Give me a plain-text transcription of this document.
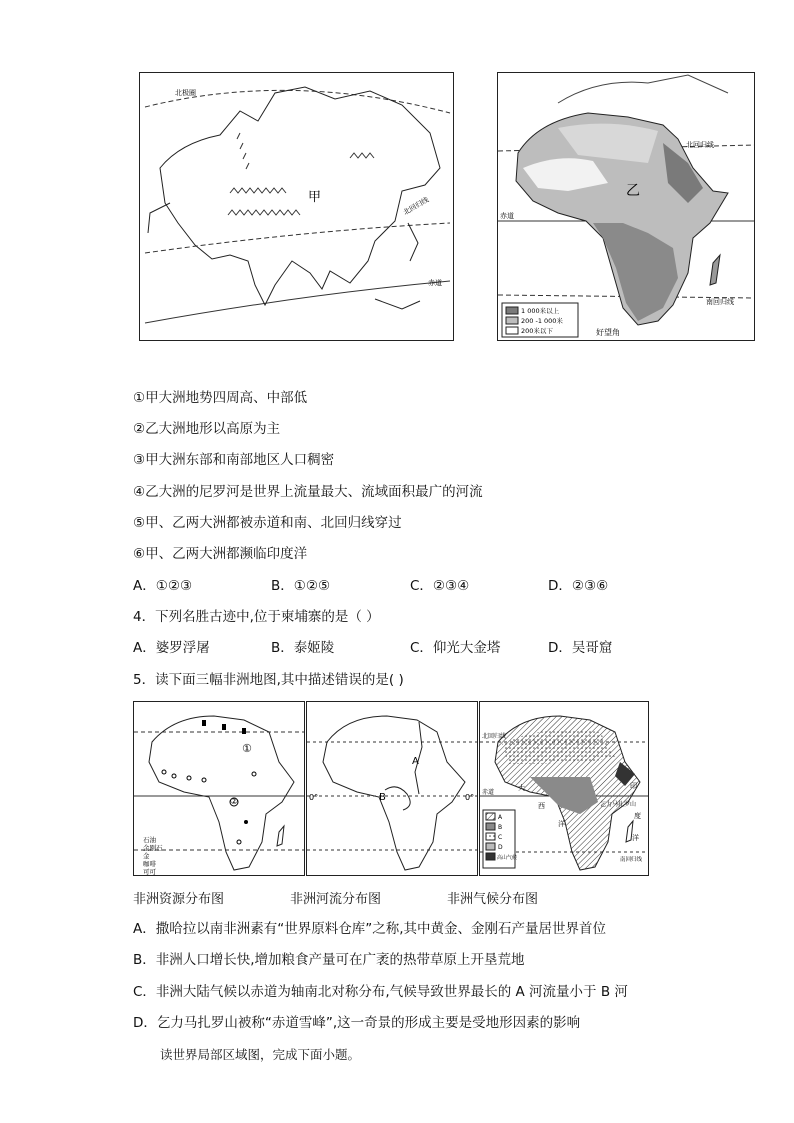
甲
北极圈
北回归线
赤道
乙
北回归线
赤道
南回归线
好望角
1 000米以上
200 -1 000米
200米以下
①甲大洲地势四周高、中部低
②乙大洲地形以高原为主
③甲大洲东部和南部地区人口稠密
④乙大洲的尼罗河是世界上流量最大、流域面积最广的河流
⑤甲、乙两大洲都被赤道和南、北回归线穿过
⑥甲、乙两大洲都濒临印度洋
A．①②③	B．①②⑤	C．②③④	D．②③⑥
4．下列名胜古迹中,位于柬埔寨的是（ ）
A．婆罗浮屠	B．泰姬陵	C．仰光大金塔	D．吴哥窟
5．读下面三幅非洲地图,其中描述错误的是( )
①
②
石油
金刚石
金
咖啡
可可
A
B
0°	0°
A
B
C
D
高山气候
北回归线
赤道
南回归线
乞力马扎罗山
大
西
洋
印
度
洋
非洲资源分布图	非洲河流分布图	非洲气候分布图
A．撒哈拉以南非洲素有“世界原料仓库”之称,其中黄金、金刚石产量居世界首位
B．非洲人口增长快,增加粮食产量可在广袤的热带草原上开垦荒地
C．非洲大陆气候以赤道为轴南北对称分布,气候导致世界最长的 A 河流量小于 B 河
D．乞力马扎罗山被称“赤道雪峰”,这一奇景的形成主要是受地形因素的影响
读世界局部区域图，完成下面小题。
